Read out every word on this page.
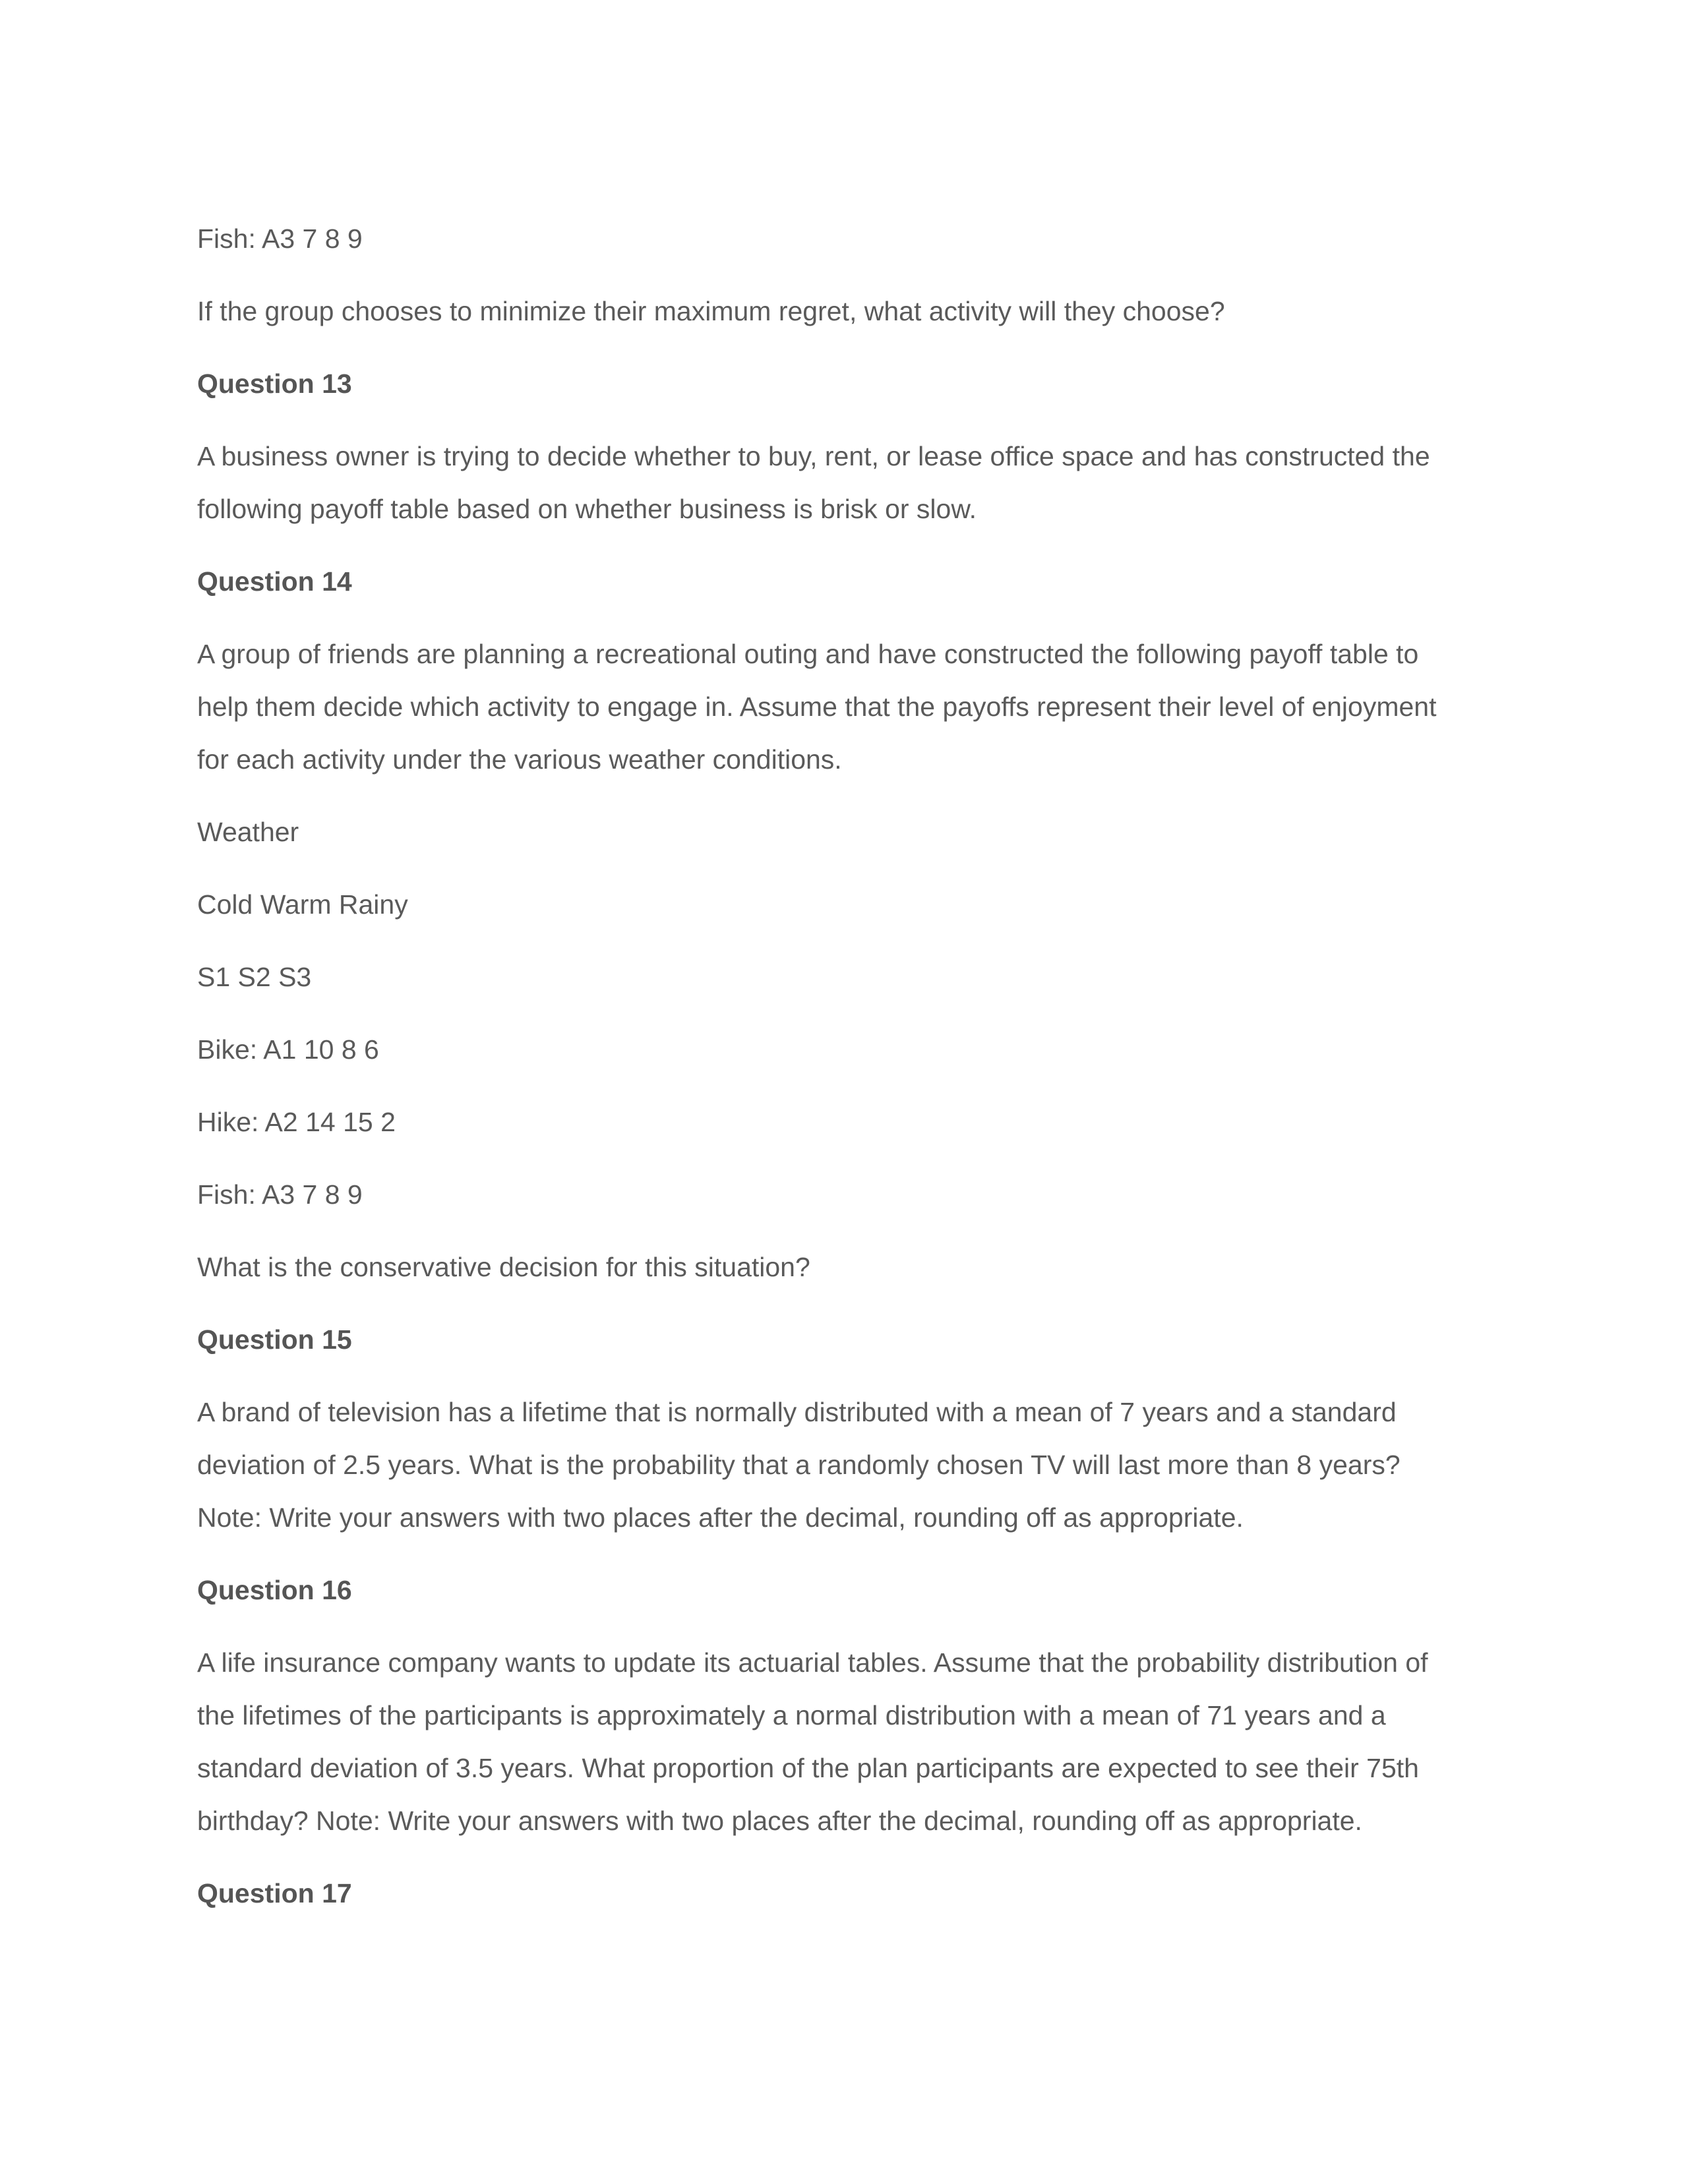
Fish: A3 7 8 9

If the group chooses to minimize their maximum regret, what activity will they choose?

Question 13

A business owner is trying to decide whether to buy, rent, or lease office space and has constructed the
following payoff table based on whether business is brisk or slow.

Question 14

A group of friends are planning a recreational outing and have constructed the following payoff table to
help them decide which activity to engage in. Assume that the payoffs represent their level of enjoyment
for each activity under the various weather conditions.

Weather

Cold Warm Rainy

S1 S2 S3

Bike: A1 10 8 6

Hike: A2 14 15 2

Fish: A3 7 8 9

What is the conservative decision for this situation?

Question 15

A brand of television has a lifetime that is normally distributed with a mean of 7 years and a standard
deviation of 2.5 years. What is the probability that a randomly chosen TV will last more than 8 years?
Note: Write your answers with two places after the decimal, rounding off as appropriate.

Question 16

A life insurance company wants to update its actuarial tables. Assume that the probability distribution of
the lifetimes of the participants is approximately a normal distribution with a mean of 71 years and a
standard deviation of 3.5 years. What proportion of the plan participants are expected to see their 75th
birthday? Note: Write your answers with two places after the decimal, rounding off as appropriate.

Question 17
